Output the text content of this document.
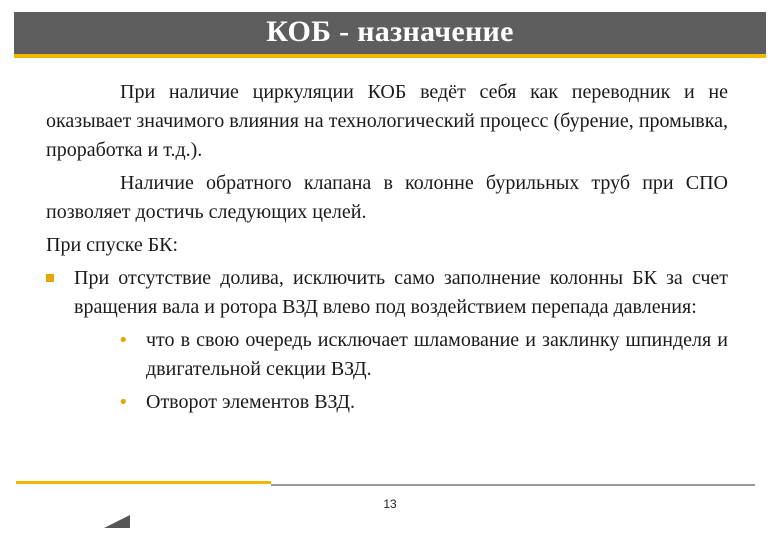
КОБ - назначение

При наличие циркуляции КОБ ведёт себя как переводник и не оказывает значимого влияния на технологический процесс (бурение, промывка, проработка и т.д.).

Наличие обратного клапана в колонне бурильных труб при СПО позволяет достичь следующих целей.

При спуске БК:

При отсутствие долива, исключить само заполнение колонны БК за счет вращения вала и ротора ВЗД влево под воздействием перепада давления:
• что в свою очередь исключает шламование и заклинку шпинделя и двигательной секции ВЗД.
• Отворот элементов ВЗД.
13
